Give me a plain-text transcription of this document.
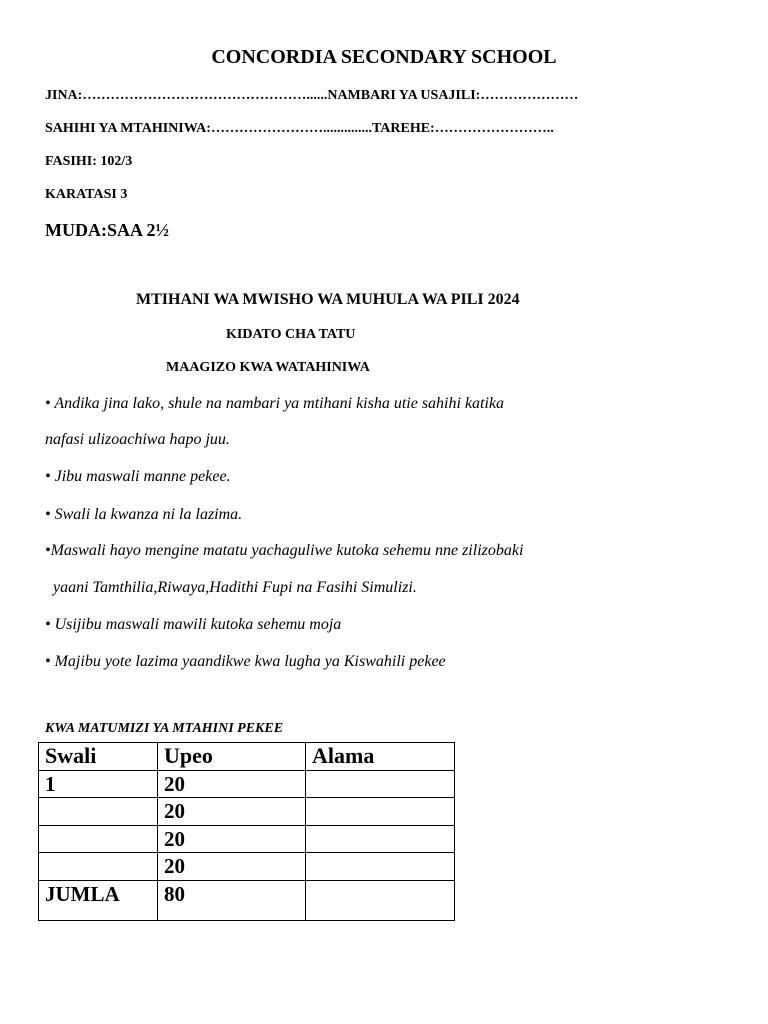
CONCORDIA SECONDARY SCHOOL
JINA:…………………………………………......NAMBARI YA USAJILI:…………………
SAHIHI YA MTAHINIWA:……………………..............TAREHE:……………………..
FASIHI: 102/3
KARATASI 3
MUDA:SAA 2½
MTIHANI WA MWISHO WA MUHULA WA PILI 2024
KIDATO CHA TATU
MAAGIZO KWA WATAHINIWA
• Andika jina lako, shule na nambari ya mtihani kisha utie sahihi katika
nafasi ulizoachiwa hapo juu.
• Jibu maswali manne pekee.
• Swali la kwanza ni la lazima.
•Maswali hayo mengine matatu yachaguliwe kutoka sehemu nne zilizobaki
yaani Tamthilia,Riwaya,Hadithi Fupi na Fasihi Simulizi.
• Usijibu maswali mawili kutoka sehemu moja
• Majibu yote lazima yaandikwe kwa lugha ya Kiswahili pekee
KWA MATUMIZI YA MTAHINI PEKEE
Swali	Upeo	Alama
1	20	
	20	
	20	
	20	
JUMLA	80	
